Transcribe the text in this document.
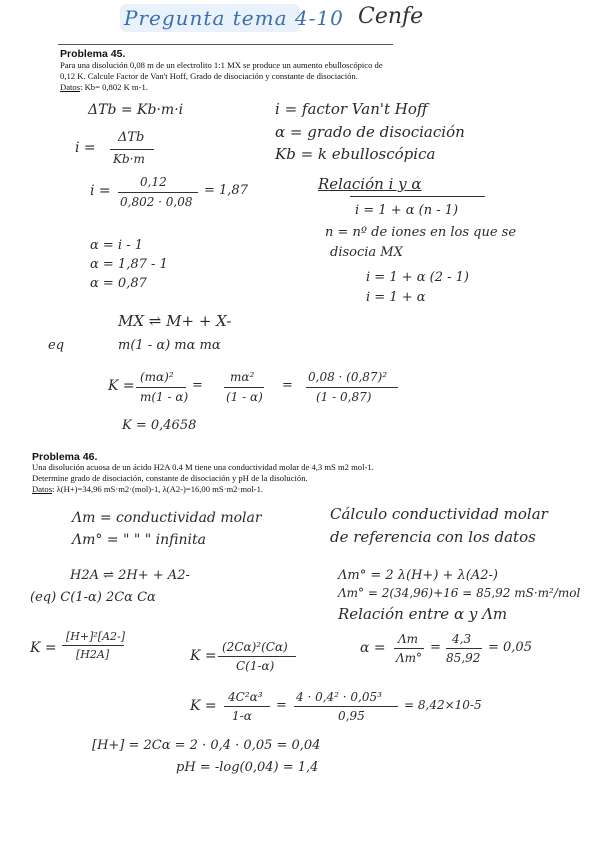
Pregunta tema 4-10 Cenfe
Problema 45.
Para una disolución 0,08 m de un electrolito 1:1 MX se produce un aumento ebulloscópico de
0,12 K. Calcule Factor de Van't Hoff, Grado de disociación y constante de disociación.
Datos: Kb= 0,802 K m-1.
ΔTb = Kb·m·i
i =
ΔTb
Kb·m
i =
0,12
0,802 · 0,08
= 1,87
i = factor Van't Hoff
α = grado de disociación
Kb = k ebulloscópica
Relación i y α
i = 1 + α (n - 1)
n = nº de iones en los que se
disocia MX
i = 1 + α (2 - 1)
i = 1 + α
α = i - 1
α = 1,87 - 1
α = 0,87
MX ⇌ M+ + X-
eq	m(1 - α) mα mα
K =
(mα)²
m(1 - α)
=
mα²
(1 - α)
=
0,08 · (0,87)²
(1 - 0,87)
K = 0,4658
Problema 46.
Una disolución acuosa de un ácido H2A 0.4 M tiene una conductividad molar de 4,3 mS m2 mol-1.
Determine grado de disociación, constante de disociación y pH de la disolución.
Datos: λ(H+)=34,96 mS·m2·(mol)-1, λ(A2-)=16,00 mS·m2·mol-1.
Λm = conductividad molar
Λm° = " " " infinita
Cálculo conductividad molar
de referencia con los datos
H2A ⇌ 2H+ + A2-
(eq) C(1-α) 2Cα Cα
Λm° = 2 λ(H+) + λ(A2-)
Λm° = 2(34,96)+16 = 85,92 mS·m²/mol
Relación entre α y Λm
K =
[H+]²[A2-]
[H2A]	K =
(2Cα)²(Cα)
C(1-α)
α =
Λm
Λm°
=
4,3
85,92
= 0,05
K =
4C²α³
1-α
=
4 · 0,4² · 0,05³
0,95
= 8,42×10-5
[H+] = 2Cα = 2 · 0,4 · 0,05 = 0,04
pH = -log(0,04) = 1,4
